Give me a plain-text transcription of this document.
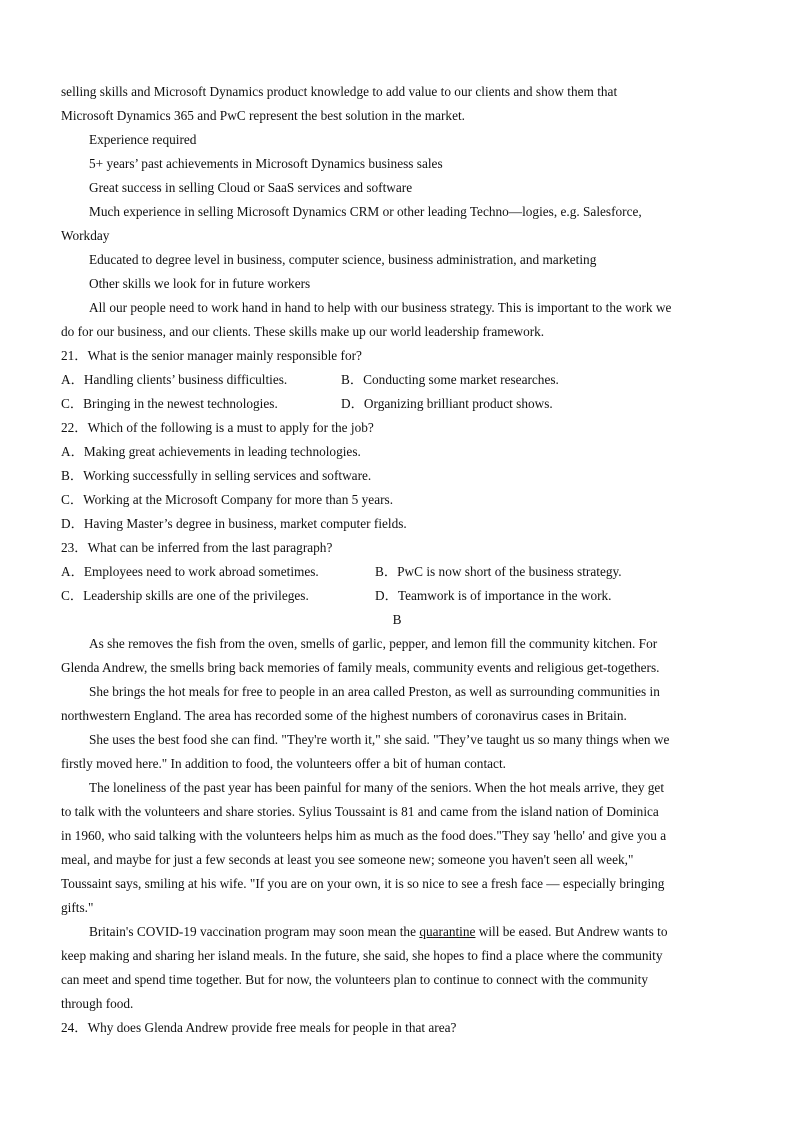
selling skills and Microsoft Dynamics product knowledge to add value to our clients and show them that
Microsoft Dynamics 365 and PwC represent the best solution in the market.
Experience required
5+ years’ past achievements in Microsoft Dynamics business sales
Great success in selling Cloud or SaaS services and software
Much experience in selling Microsoft Dynamics CRM or other leading Techno—logies, e.g. Salesforce,
Workday
Educated to degree level in business, computer science, business administration, and marketing
Other skills we look for in future workers
All our people need to work hand in hand to help with our business strategy. This is important to the work we
do for our business, and our clients. These skills make up our world leadership framework.
21．What is the senior manager mainly responsible for?
A．Handling clients’ business difficulties.	B．Conducting some market researches.
C．Bringing in the newest technologies.	D．Organizing brilliant product shows.
22．Which of the following is a must to apply for the job?
A．Making great achievements in leading technologies.
B．Working successfully in selling services and software.
C．Working at the Microsoft Company for more than 5 years.
D．Having Master’s degree in business, market computer fields.
23．What can be inferred from the last paragraph?
A．Employees need to work abroad sometimes.	B．PwC is now short of the business strategy.
C．Leadership skills are one of the privileges.	D．Teamwork is of importance in the work.
B
As she removes the fish from the oven, smells of garlic, pepper, and lemon fill the community kitchen. For
Glenda Andrew, the smells bring back memories of family meals, community events and religious get-togethers.
She brings the hot meals for free to people in an area called Preston, as well as surrounding communities in
northwestern England. The area has recorded some of the highest numbers of coronavirus cases in Britain.
She uses the best food she can find. "They're worth it," she said. "They’ve taught us so many things when we
firstly moved here." In addition to food, the volunteers offer a bit of human contact.
The loneliness of the past year has been painful for many of the seniors. When the hot meals arrive, they get
to talk with the volunteers and share stories. Sylius Toussaint is 81 and came from the island nation of Dominica
in 1960, who said talking with the volunteers helps him as much as the food does."They say 'hello' and give you a
meal, and maybe for just a few seconds at least you see someone new; someone you haven't seen all week,"
Toussaint says, smiling at his wife. "If you are on your own, it is so nice to see a fresh face — especially bringing
gifts."
Britain's COVID-19 vaccination program may soon mean the quarantine will be eased. But Andrew wants to
keep making and sharing her island meals. In the future, she said, she hopes to find a place where the community
can meet and spend time together. But for now, the volunteers plan to continue to connect with the community
through food.
24．Why does Glenda Andrew provide free meals for people in that area?
